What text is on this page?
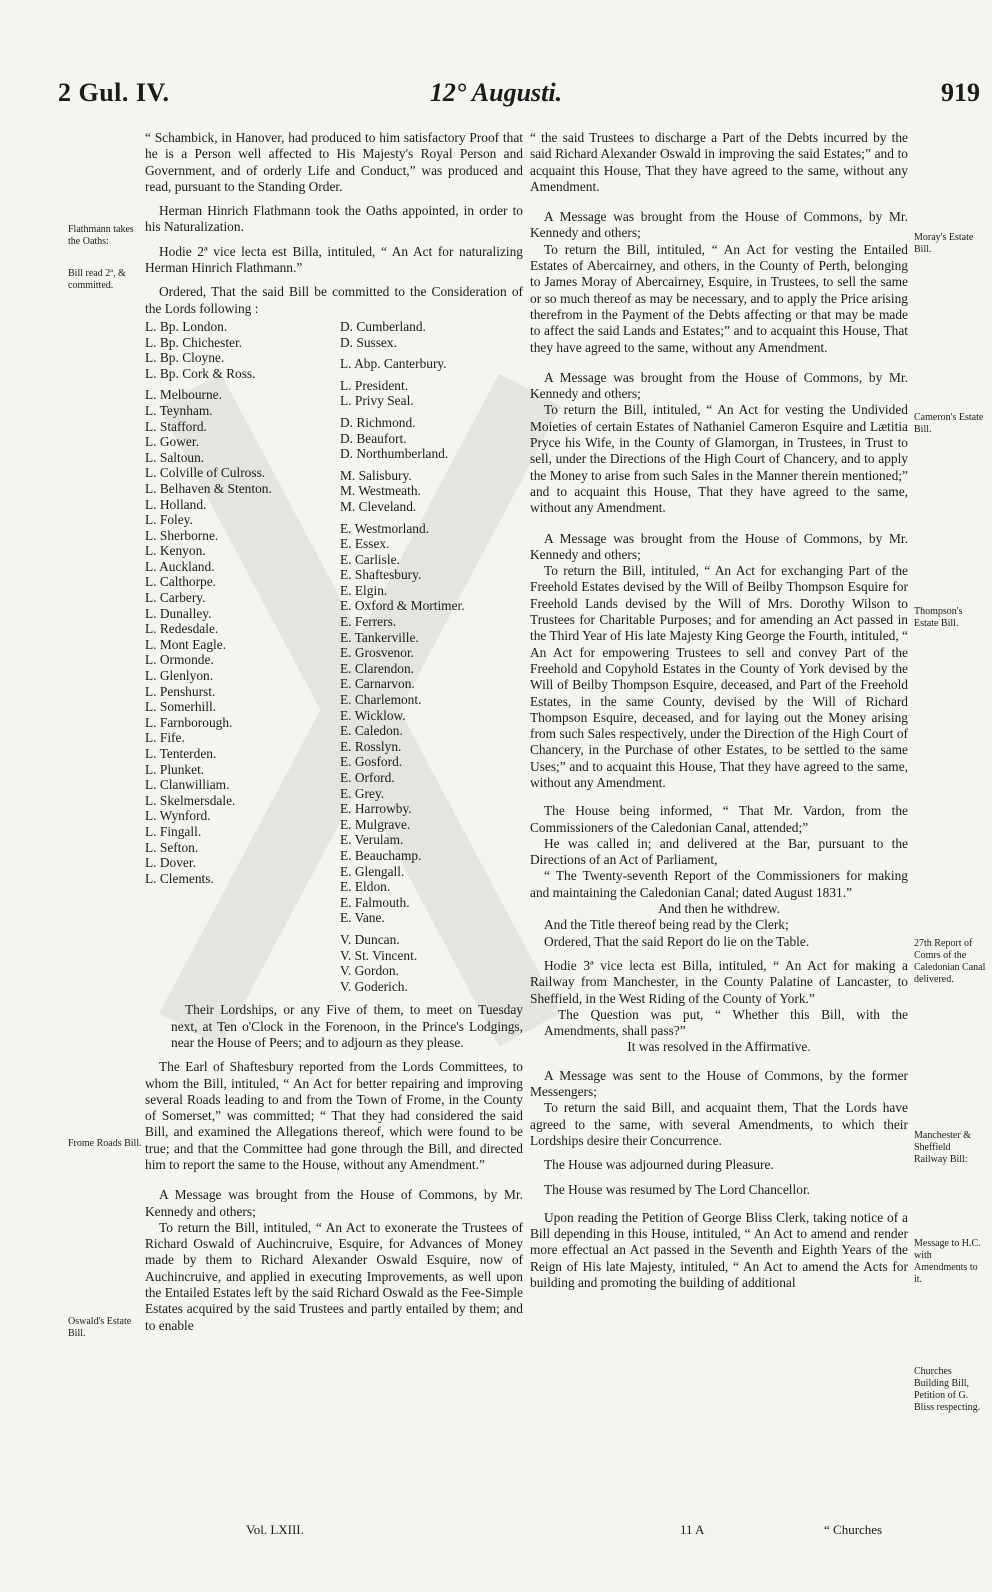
2 Gul. IV.	12° Augusti.	919
Flathmann takes the Oaths:
Bill read 2ª, & committed.
Frome Roads Bill.
Oswald's Estate Bill.
Moray's Estate Bill.
Cameron's Estate Bill.
Thompson's Estate Bill.
27th Report of Comrs of the Caledonian Canal delivered.
Manchester & Sheffield Railway Bill:
Message to H.C. with Amendments to it.
Churches Building Bill, Petition of G. Bliss respecting.

“ Schambick, in Hanover, had produced to him satisfactory Proof that he is a Person well affected to His Majesty's Royal Person and Government, and of orderly Life and Conduct,” was produced and read, pursuant to the Standing Order.

Herman Hinrich Flathmann took the Oaths appointed, in order to his Naturalization.

Hodie 2ª vice lecta est Billa, intituled, “ An Act for naturalizing Herman Hinrich Flathmann.”

Ordered, That the said Bill be committed to the Consideration of the Lords following :

L. Bp. London.
L. Bp. Chichester.
L. Bp. Cloyne.
L. Bp. Cork & Ross.
L. Melbourne.
L. Teynham.
L. Stafford.
L. Gower.
L. Saltoun.
L. Colville of Culross.
L. Belhaven & Stenton.
L. Holland.
L. Foley.
L. Sherborne.
L. Kenyon.
L. Auckland.
L. Calthorpe.
L. Carbery.
L. Dunalley.
L. Redesdale.
L. Mont Eagle.
L. Ormonde.
L. Glenlyon.
L. Penshurst.
L. Somerhill.
L. Farnborough.
L. Fife.
L. Tenterden.
L. Plunket.
L. Clanwilliam.
L. Skelmersdale.
L. Wynford.
L. Fingall.
L. Sefton.
L. Dover.
L. Clements.
D. Cumberland.
D. Sussex.
L. Abp. Canterbury.
L. President.
L. Privy Seal.
D. Richmond.
D. Beaufort.
D. Northumberland.
M. Salisbury.
M. Westmeath.
M. Cleveland.
E. Westmorland.
E. Essex.
E. Carlisle.
E. Shaftesbury.
E. Elgin.
E. Oxford & Mortimer.
E. Ferrers.
E. Tankerville.
E. Grosvenor.
E. Clarendon.
E. Carnarvon.
E. Charlemont.
E. Wicklow.
E. Caledon.
E. Rosslyn.
E. Gosford.
E. Orford.
E. Grey.
E. Harrowby.
E. Mulgrave.
E. Verulam.
E. Beauchamp.
E. Glengall.
E. Eldon.
E. Falmouth.
E. Vane.
V. Duncan.
V. St. Vincent.
V. Gordon.
V. Goderich.

Their Lordships, or any Five of them, to meet on Tuesday next, at Ten o'Clock in the Forenoon, in the Prince's Lodgings, near the House of Peers; and to adjourn as they please.

The Earl of Shaftesbury reported from the Lords Committees, to whom the Bill, intituled, “ An Act for better repairing and improving several Roads leading to and from the Town of Frome, in the County of Somerset,” was committed; “ That they had considered the said Bill, and examined the Allegations thereof, which were found to be true; and that the Committee had gone through the Bill, and directed him to report the same to the House, without any Amendment.”

A Message was brought from the House of Commons, by Mr. Kennedy and others;

To return the Bill, intituled, “ An Act to exonerate the Trustees of Richard Oswald of Auchincruive, Esquire, for Advances of Money made by them to Richard Alexander Oswald Esquire, now of Auchincruive, and applied in executing Improvements, as well upon the Entailed Estates left by the said Richard Oswald as the Fee-Simple Estates acquired by the said Trustees and partly entailed by them; and to enable

“ the said Trustees to discharge a Part of the Debts incurred by the said Richard Alexander Oswald in improving the said Estates;” and to acquaint this House, That they have agreed to the same, without any Amendment.

A Message was brought from the House of Commons, by Mr. Kennedy and others;

To return the Bill, intituled, “ An Act for vesting the Entailed Estates of Abercairney, and others, in the County of Perth, belonging to James Moray of Abercairney, Esquire, in Trustees, to sell the same or so much thereof as may be necessary, and to apply the Price arising therefrom in the Payment of the Debts affecting or that may be made to affect the said Lands and Estates;” and to acquaint this House, That they have agreed to the same, without any Amendment.

A Message was brought from the House of Commons, by Mr. Kennedy and others;

To return the Bill, intituled, “ An Act for vesting the Undivided Moieties of certain Estates of Nathaniel Cameron Esquire and Lætitia Pryce his Wife, in the County of Glamorgan, in Trustees, in Trust to sell, under the Directions of the High Court of Chancery, and to apply the Money to arise from such Sales in the Manner therein mentioned;” and to acquaint this House, That they have agreed to the same, without any Amendment.

A Message was brought from the House of Commons, by Mr. Kennedy and others;

To return the Bill, intituled, “ An Act for exchanging Part of the Freehold Estates devised by the Will of Beilby Thompson Esquire for Freehold Lands devised by the Will of Mrs. Dorothy Wilson to Trustees for Charitable Purposes; and for amending an Act passed in the Third Year of His late Majesty King George the Fourth, intituled, “ An Act for empowering Trustees to sell and convey Part of the Freehold and Copyhold Estates in the County of York devised by the Will of Beilby Thompson Esquire, deceased, and Part of the Freehold Estates, in the same County, devised by the Will of Richard Thompson Esquire, deceased, and for laying out the Money arising from such Sales respectively, under the Direction of the High Court of Chancery, in the Purchase of other Estates, to be settled to the same Uses;” and to acquaint this House, That they have agreed to the same, without any Amendment.

The House being informed, “ That Mr. Vardon, from the Commissioners of the Caledonian Canal, attended;”

He was called in; and delivered at the Bar, pursuant to the Directions of an Act of Parliament,

“ The Twenty-seventh Report of the Commissioners for making and maintaining the Caledonian Canal; dated August 1831.”

And then he withdrew.

And the Title thereof being read by the Clerk;

Ordered, That the said Report do lie on the Table.

Hodie 3ª vice lecta est Billa, intituled, “ An Act for making a Railway from Manchester, in the County Palatine of Lancaster, to Sheffield, in the West Riding of the County of York.”

The Question was put, “ Whether this Bill, with the Amendments, shall pass?”

It was resolved in the Affirmative.

A Message was sent to the House of Commons, by the former Messengers;

To return the said Bill, and acquaint them, That the Lords have agreed to the same, with several Amendments, to which their Lordships desire their Concurrence.

The House was adjourned during Pleasure.

The House was resumed by The Lord Chancellor.

Upon reading the Petition of George Bliss Clerk, taking notice of a Bill depending in this House, intituled, “ An Act to amend and render more effectual an Act passed in the Seventh and Eighth Years of the Reign of His late Majesty, intituled, “ An Act to amend the Acts for building and promoting the building of additional

Vol. LXIII.	11 A	“ Churches
